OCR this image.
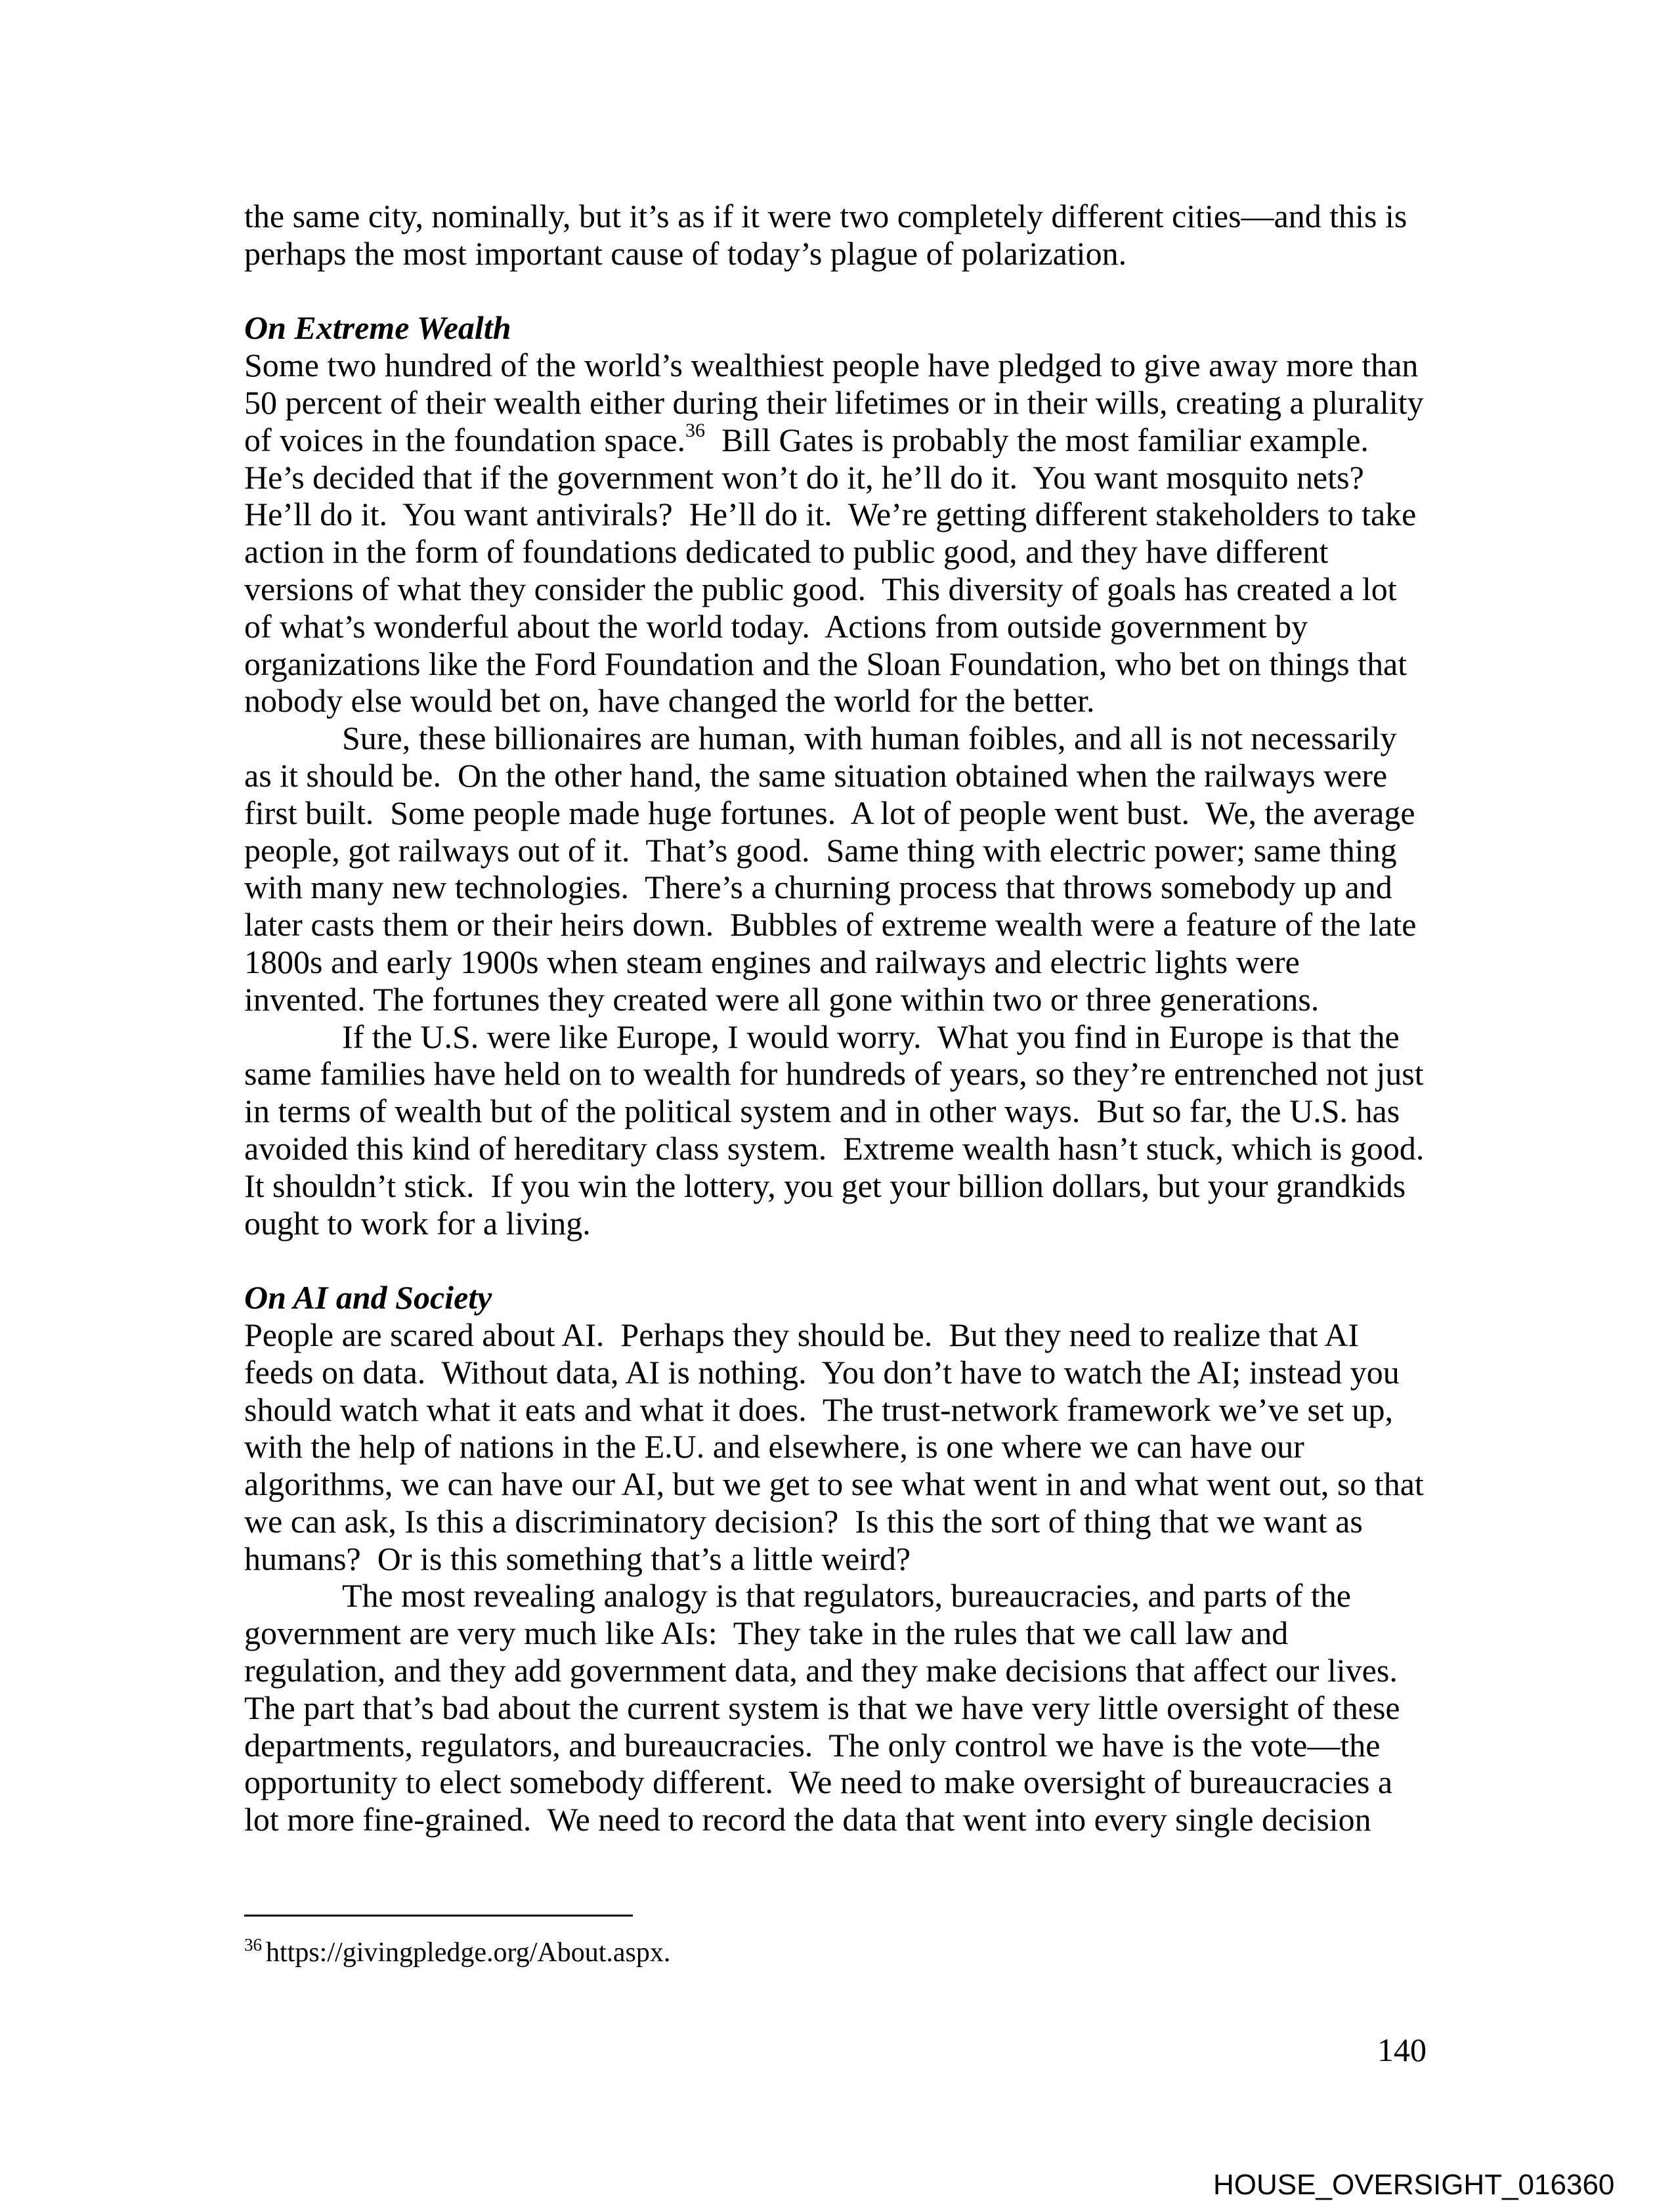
the same city, nominally, but it’s as if it were two completely different cities—and this is
perhaps the most important cause of today’s plague of polarization.
On Extreme Wealth
Some two hundred of the world’s wealthiest people have pledged to give away more than
50 percent of their wealth either during their lifetimes or in their wills, creating a plurality
of voices in the foundation space.$^{36}$  Bill Gates is probably the most familiar example.
He’s decided that if the government won’t do it, he’ll do it.  You want mosquito nets?
He’ll do it.  You want antivirals?  He’ll do it.  We’re getting different stakeholders to take
action in the form of foundations dedicated to public good, and they have different
versions of what they consider the public good.  This diversity of goals has created a lot
of what’s wonderful about the world today.  Actions from outside government by
organizations like the Ford Foundation and the Sloan Foundation, who bet on things that
nobody else would bet on, have changed the world for the better.
Sure, these billionaires are human, with human foibles, and all is not necessarily
as it should be.  On the other hand, the same situation obtained when the railways were
first built.  Some people made huge fortunes.  A lot of people went bust.  We, the average
people, got railways out of it.  That’s good.  Same thing with electric power; same thing
with many new technologies.  There’s a churning process that throws somebody up and
later casts them or their heirs down.  Bubbles of extreme wealth were a feature of the late
1800s and early 1900s when steam engines and railways and electric lights were
invented. The fortunes they created were all gone within two or three generations.
If the U.S. were like Europe, I would worry.  What you find in Europe is that the
same families have held on to wealth for hundreds of years, so they’re entrenched not just
in terms of wealth but of the political system and in other ways.  But so far, the U.S. has
avoided this kind of hereditary class system.  Extreme wealth hasn’t stuck, which is good.
It shouldn’t stick.  If you win the lottery, you get your billion dollars, but your grandkids
ought to work for a living.
On AI and Society
People are scared about AI.  Perhaps they should be.  But they need to realize that AI
feeds on data.  Without data, AI is nothing.  You don’t have to watch the AI; instead you
should watch what it eats and what it does.  The trust-network framework we’ve set up,
with the help of nations in the E.U. and elsewhere, is one where we can have our
algorithms, we can have our AI, but we get to see what went in and what went out, so that
we can ask, Is this a discriminatory decision?  Is this the sort of thing that we want as
humans?  Or is this something that’s a little weird?
The most revealing analogy is that regulators, bureaucracies, and parts of the
government are very much like AIs:  They take in the rules that we call law and
regulation, and they add government data, and they make decisions that affect our lives.
The part that’s bad about the current system is that we have very little oversight of these
departments, regulators, and bureaucracies.  The only control we have is the vote—the
opportunity to elect somebody different.  We need to make oversight of bureaucracies a
lot more fine-grained.  We need to record the data that went into every single decision
$^{36}$ https://givingpledge.org/About.aspx.
140
HOUSE_OVERSIGHT_016360
